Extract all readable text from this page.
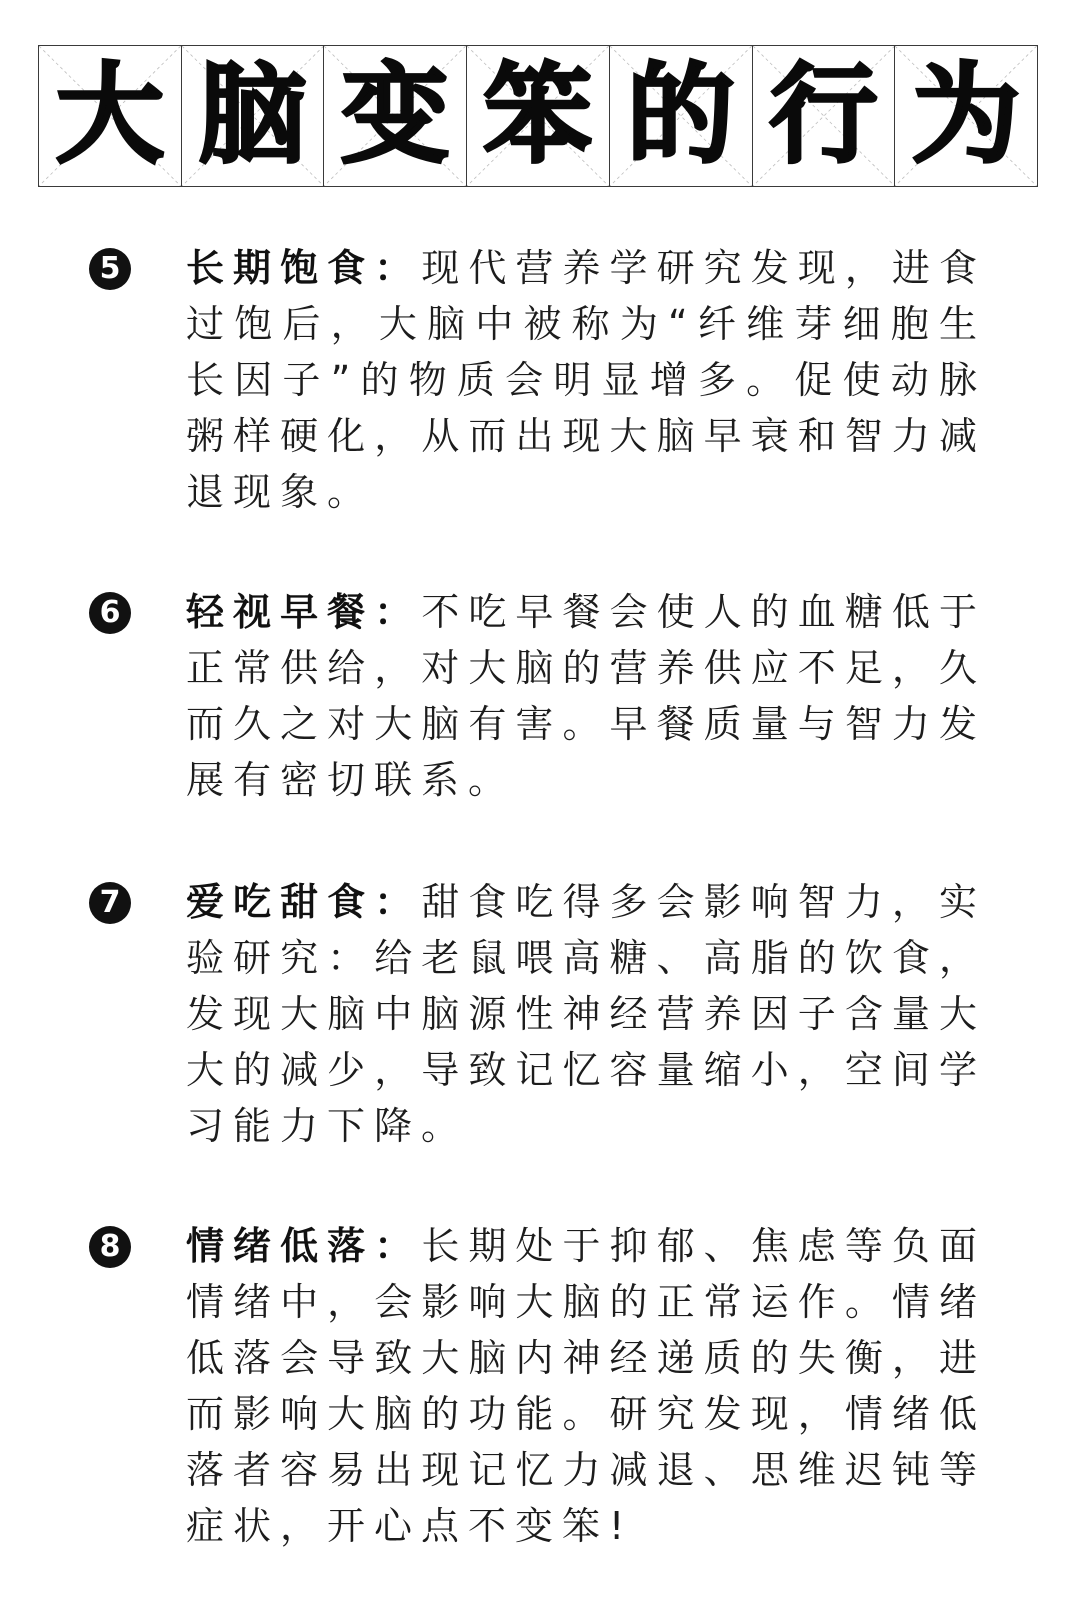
大 脑 变 笨 的 行 为
5 长期饱食：现代营养学研究发现，进食过饱后，大脑中被称为“纤维芽细胞生长因子”的物质会明显增多。促使动脉粥样硬化，从而出现大脑早衰和智力减退现象。

6 轻视早餐：不吃早餐会使人的血糖低于正常供给，对大脑的营养供应不足，久而久之对大脑有害。早餐质量与智力发展有密切联系。

7 爱吃甜食：甜食吃得多会影响智力，实验研究：给老鼠喂高糖、高脂的饮食，发现大脑中脑源性神经营养因子含量大大的减少，导致记忆容量缩小，空间学习能力下降。

8 情绪低落：长期处于抑郁、焦虑等负面情绪中，会影响大脑的正常运作。情绪低落会导致大脑内神经递质的失衡，进而影响大脑的功能。研究发现，情绪低落者容易出现记忆力减退、思维迟钝等症状，开心点不变笨!
